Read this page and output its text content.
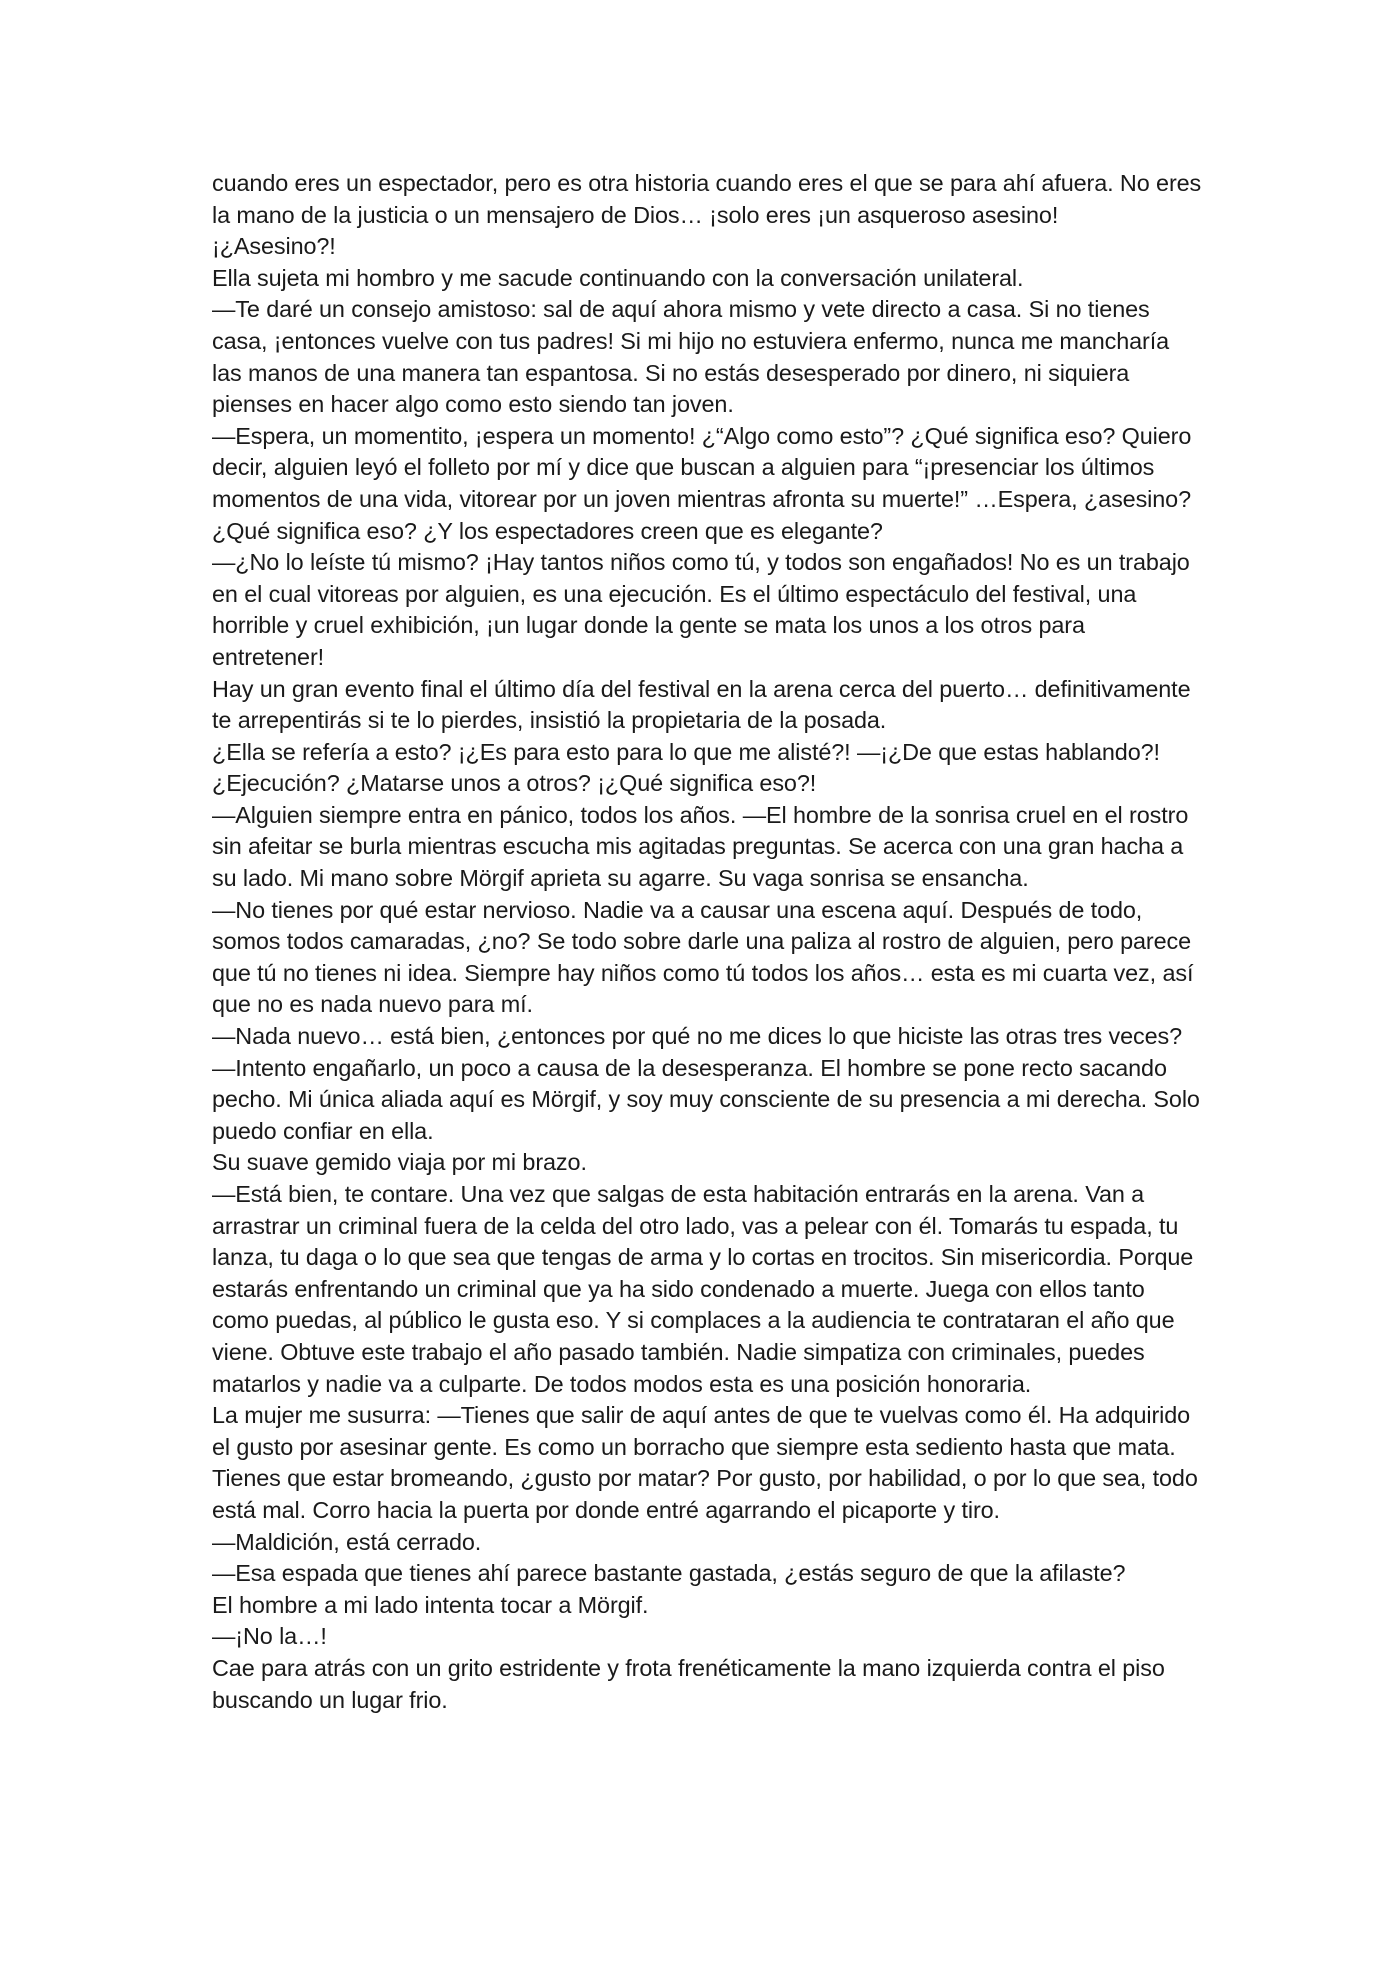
cuando eres un espectador, pero es otra historia cuando eres el que se para ahí afuera. No eres la mano de la justicia o un mensajero de Dios… ¡solo eres ¡un asqueroso asesino!

¡¿Asesino?!

Ella sujeta mi hombro y me sacude continuando con la conversación unilateral.

—Te daré un consejo amistoso: sal de aquí ahora mismo y vete directo a casa. Si no tienes casa, ¡entonces vuelve con tus padres! Si mi hijo no estuviera enfermo, nunca me mancharía las manos de una manera tan espantosa. Si no estás desesperado por dinero, ni siquiera pienses en hacer algo como esto siendo tan joven.

—Espera, un momentito, ¡espera un momento! ¿“Algo como esto”? ¿Qué significa eso? Quiero decir, alguien leyó el folleto por mí y dice que buscan a alguien para “¡presenciar los últimos momentos de una vida, vitorear por un joven mientras afronta su muerte!” …Espera, ¿asesino? ¿Qué significa eso? ¿Y los espectadores creen que es elegante?

—¿No lo leíste tú mismo? ¡Hay tantos niños como tú, y todos son engañados! No es un trabajo en el cual vitoreas por alguien, es una ejecución. Es el último espectáculo del festival, una horrible y cruel exhibición, ¡un lugar donde la gente se mata los unos a los otros para entretener!

Hay un gran evento final el último día del festival en la arena cerca del puerto… definitivamente te arrepentirás si te lo pierdes, insistió la propietaria de la posada.

¿Ella se refería a esto? ¡¿Es para esto para lo que me alisté?! —¡¿De que estas hablando?! ¿Ejecución? ¿Matarse unos a otros? ¡¿Qué significa eso?!

—Alguien siempre entra en pánico, todos los años. —El hombre de la sonrisa cruel en el rostro sin afeitar se burla mientras escucha mis agitadas preguntas. Se acerca con una gran hacha a su lado. Mi mano sobre Mörgif aprieta su agarre. Su vaga sonrisa se ensancha.

—No tienes por qué estar nervioso. Nadie va a causar una escena aquí. Después de todo, somos todos camaradas, ¿no? Se todo sobre darle una paliza al rostro de alguien, pero parece que tú no tienes ni idea. Siempre hay niños como tú todos los años… esta es mi cuarta vez, así que no es nada nuevo para mí.

—Nada nuevo… está bien, ¿entonces por qué no me dices lo que hiciste las otras tres veces?

—Intento engañarlo, un poco a causa de la desesperanza. El hombre se pone recto sacando pecho. Mi única aliada aquí es Mörgif, y soy muy consciente de su presencia a mi derecha. Solo puedo confiar en ella.

Su suave gemido viaja por mi brazo.

—Está bien, te contare. Una vez que salgas de esta habitación entrarás en la arena. Van a arrastrar un criminal fuera de la celda del otro lado, vas a pelear con él. Tomarás tu espada, tu lanza, tu daga o lo que sea que tengas de arma y lo cortas en trocitos. Sin misericordia. Porque estarás enfrentando un criminal que ya ha sido condenado a muerte. Juega con ellos tanto como puedas, al público le gusta eso. Y si complaces a la audiencia te contrataran el año que viene. Obtuve este trabajo el año pasado también. Nadie simpatiza con criminales, puedes matarlos y nadie va a culparte. De todos modos esta es una posición honoraria.

La mujer me susurra: —Tienes que salir de aquí antes de que te vuelvas como él. Ha adquirido el gusto por asesinar gente. Es como un borracho que siempre esta sediento hasta que mata.

Tienes que estar bromeando, ¿gusto por matar? Por gusto, por habilidad, o por lo que sea, todo está mal. Corro hacia la puerta por donde entré agarrando el picaporte y tiro.

—Maldición, está cerrado.

—Esa espada que tienes ahí parece bastante gastada, ¿estás seguro de que la afilaste?

El hombre a mi lado intenta tocar a Mörgif.

—¡No la…!

Cae para atrás con un grito estridente y frota frenéticamente la mano izquierda contra el piso buscando un lugar frio.
